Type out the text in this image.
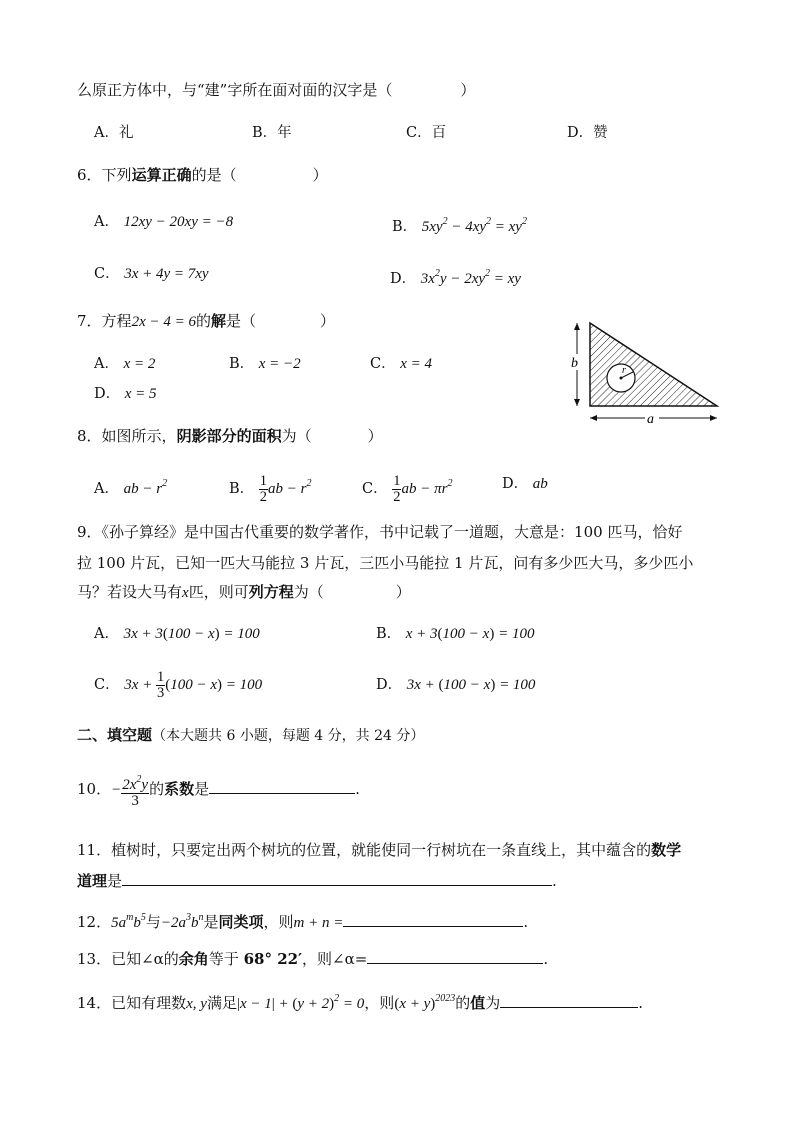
么原正方体中，与“建”字所在面对面的汉字是（	）
A．礼	B．年	C．百	D．赞
6．下列运算正确的是（	）
A． 12xy − 20xy = −8	B． $5xy^2 - 4xy^2 = xy^2$
C． 3x + 4y = 7xy	D． $3x^2y - 2xy^2$ = xy
7．方程2x − 4 = 6的解是（	）
A． x = 2	B． x = −2	C． x = 4
D． x = 5
r
b
a
8．如图所示，阴影部分的面积为（	）
A． ab − $r^2$	B． $\frac{1}{2}$ ab − $r^2$	C． $\frac{1}{2}$ ab − $\pi r^2$	D． ab
9．《孙子算经》是中国古代重要的数学著作，书中记载了一道题，大意是：100 匹马，恰好
拉 100 片瓦，已知一匹大马能拉 3 片瓦，三匹小马能拉 1 片瓦，问有多少匹大马，多少匹小
马？若设大马有x匹，则可列方程为（	）
A． 3x + 3(100 − x) = 100	B． x + 3(100 − x) = 100
C． $3x + \frac{1}{3} (100 - x) = 100$	D． 3x + (100 − x) = 100
二、填空题（本大题共 6 小题，每题 4 分，共 24 分）
10．− $\frac{2x^2y}{3}$ 的系数是	.
11．植树时，只要定出两个树坑的位置，就能使同一行树坑在一条直线上，其中蕴含的数学
道理是	.
12．$5a^mb^5$与$-2a^3b^n$是同类项，则m + n =	.
13．已知∠α的余角等于 68° 22′，则∠α=	.
14．已知有理数x, y满足$|x - 1| + (y + 2)^2 = 0$，则$(x + y)^{2023}$的值为	.
